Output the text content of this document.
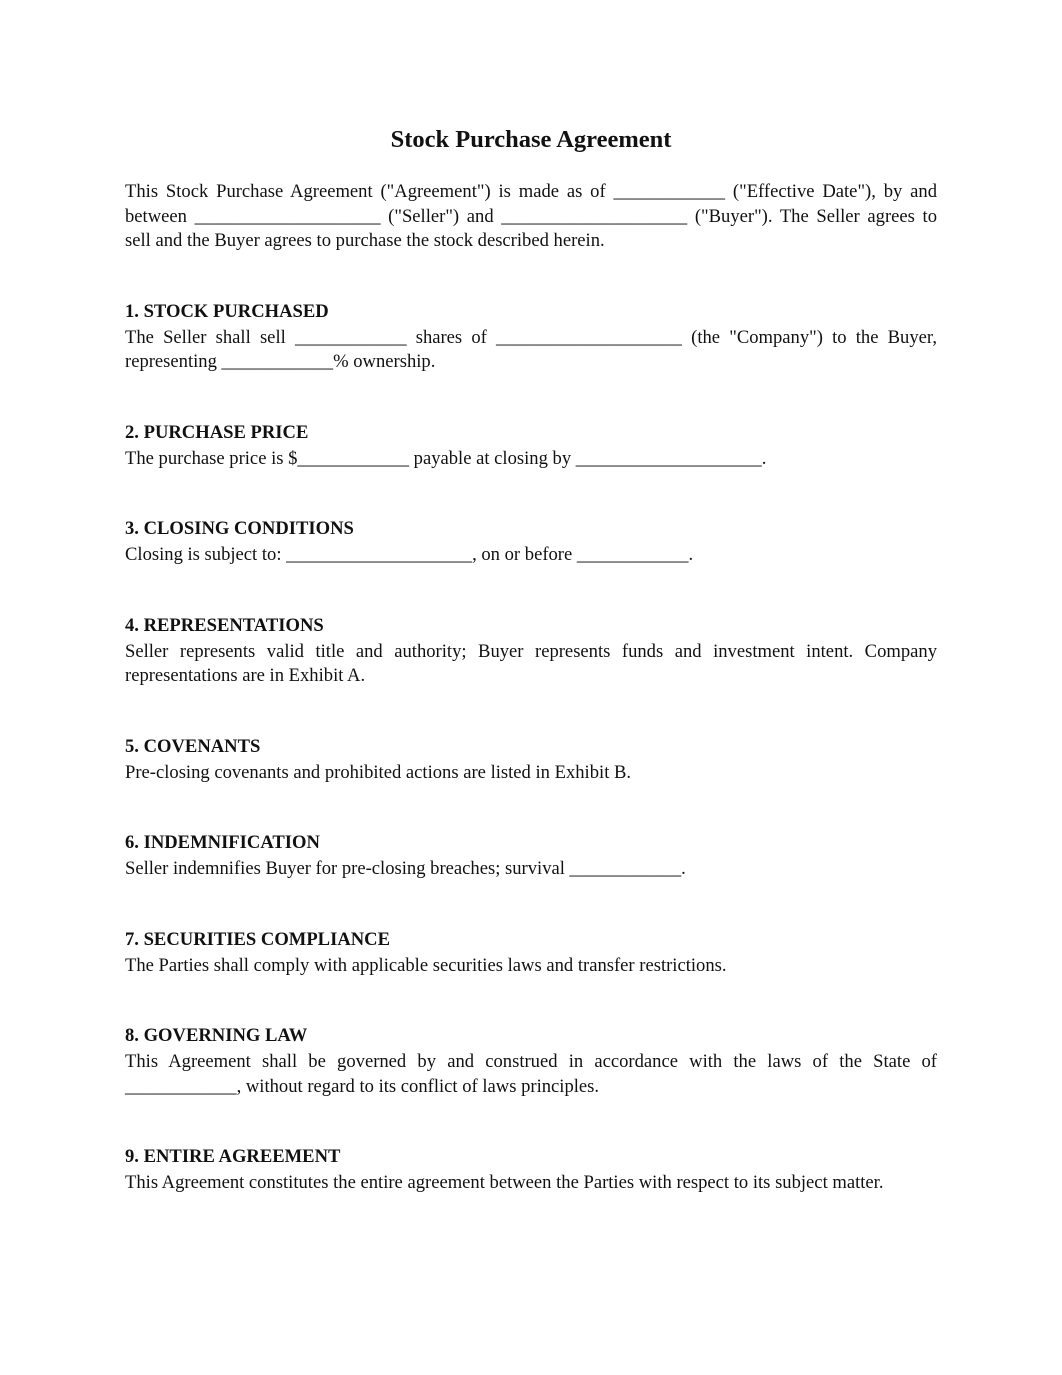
Stock Purchase Agreement

This Stock Purchase Agreement ("Agreement") is made as of ____________ ("Effective Date"), by and between ____________________ ("Seller") and ____________________ ("Buyer"). The Seller agrees to sell and the Buyer agrees to purchase the stock described herein.

1. STOCK PURCHASED

The Seller shall sell ____________ shares of ____________________ (the "Company") to the Buyer, representing ____________% ownership.

2. PURCHASE PRICE

The purchase price is $____________ payable at closing by ____________________.

3. CLOSING CONDITIONS

Closing is subject to: ____________________, on or before ____________.

4. REPRESENTATIONS

Seller represents valid title and authority; Buyer represents funds and investment intent. Company representations are in Exhibit A.

5. COVENANTS

Pre-closing covenants and prohibited actions are listed in Exhibit B.

6. INDEMNIFICATION

Seller indemnifies Buyer for pre-closing breaches; survival ____________.

7. SECURITIES COMPLIANCE

The Parties shall comply with applicable securities laws and transfer restrictions.

8. GOVERNING LAW

This Agreement shall be governed by and construed in accordance with the laws of the State of ____________, without regard to its conflict of laws principles.

9. ENTIRE AGREEMENT

This Agreement constitutes the entire agreement between the Parties with respect to its subject matter.
